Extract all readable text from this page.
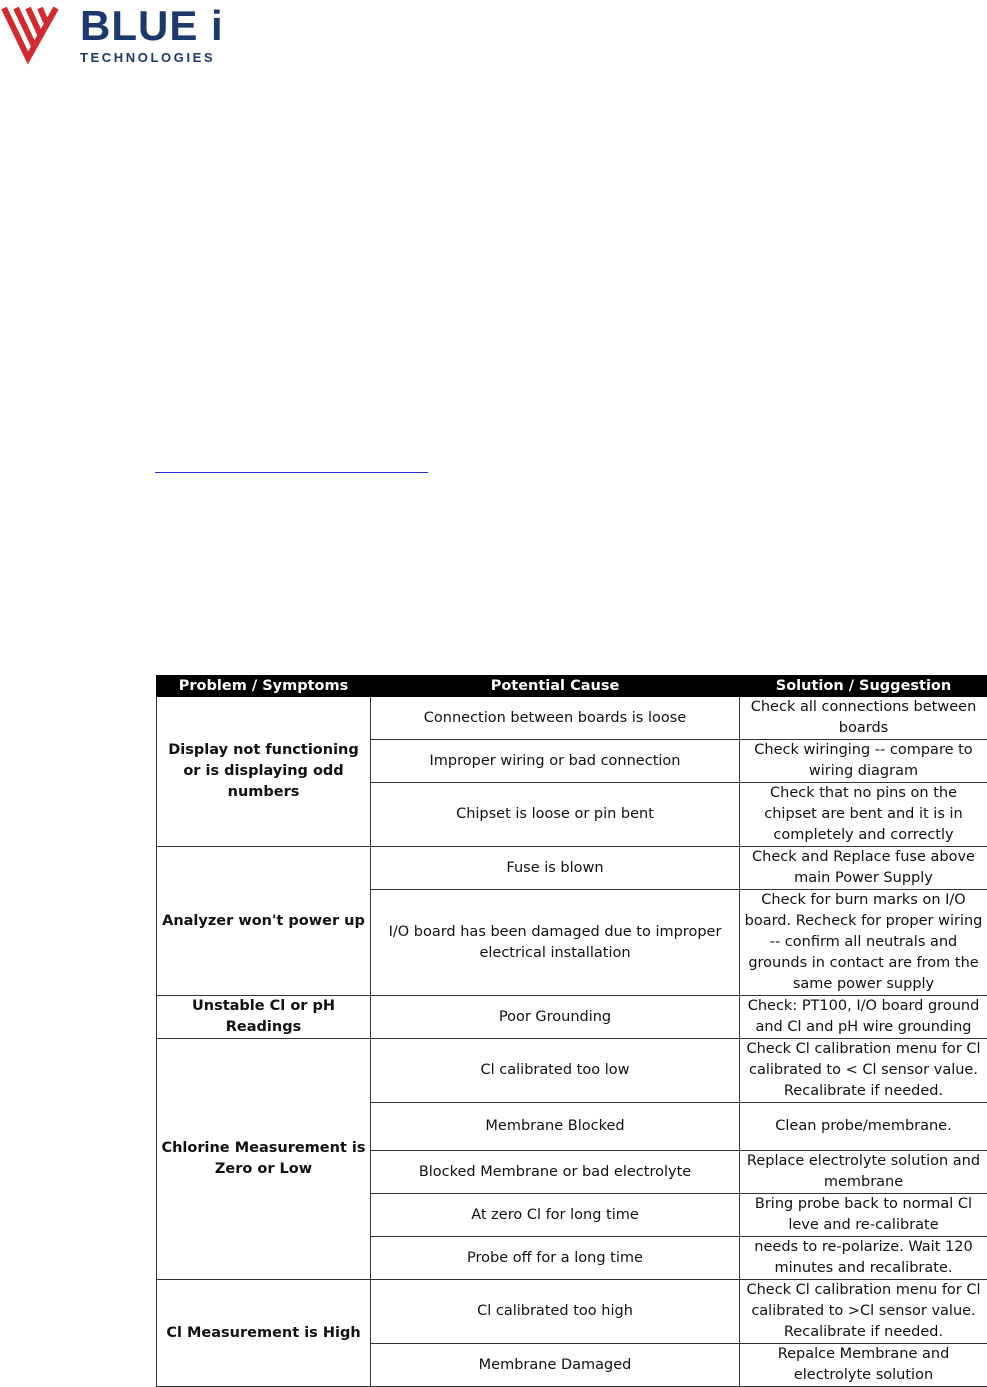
BLUE i
TECHNOLOGIES
Problem / Symptoms	Potential Cause	Solution / Suggestion
Display not functioning or is displaying odd numbers	Connection between boards is loose	Check all connections between boards
	Improper wiring or bad connection	Check wiringing -- compare to wiring diagram
	Chipset is loose or pin bent	Check that no pins on the chipset are bent and it is in completely and correctly
Analyzer won't power up	Fuse is blown	Check and Replace fuse above main Power Supply
	I/O board has been damaged due to improper electrical installation	Check for burn marks on I/O board. Recheck for proper wiring -- confirm all neutrals and grounds in contact are from the same power supply
Unstable Cl or pH Readings	Poor Grounding	Check: PT100, I/O board ground and Cl and pH wire grounding
Chlorine Measurement is Zero or Low	Cl calibrated too low	Check Cl calibration menu for Cl calibrated to < Cl sensor value. Recalibrate if needed.
	Membrane Blocked	Clean probe/membrane.
	Blocked Membrane or bad electrolyte	Replace electrolyte solution and membrane
	At zero Cl for long time	Bring probe back to normal Cl leve and re-calibrate
	Probe off for a long time	needs to re-polarize. Wait 120 minutes and recalibrate.
Cl Measurement is High	Cl calibrated too high	Check Cl calibration menu for Cl calibrated to >Cl sensor value. Recalibrate if needed.
	Membrane Damaged	Repalce Membrane and electrolyte solution
